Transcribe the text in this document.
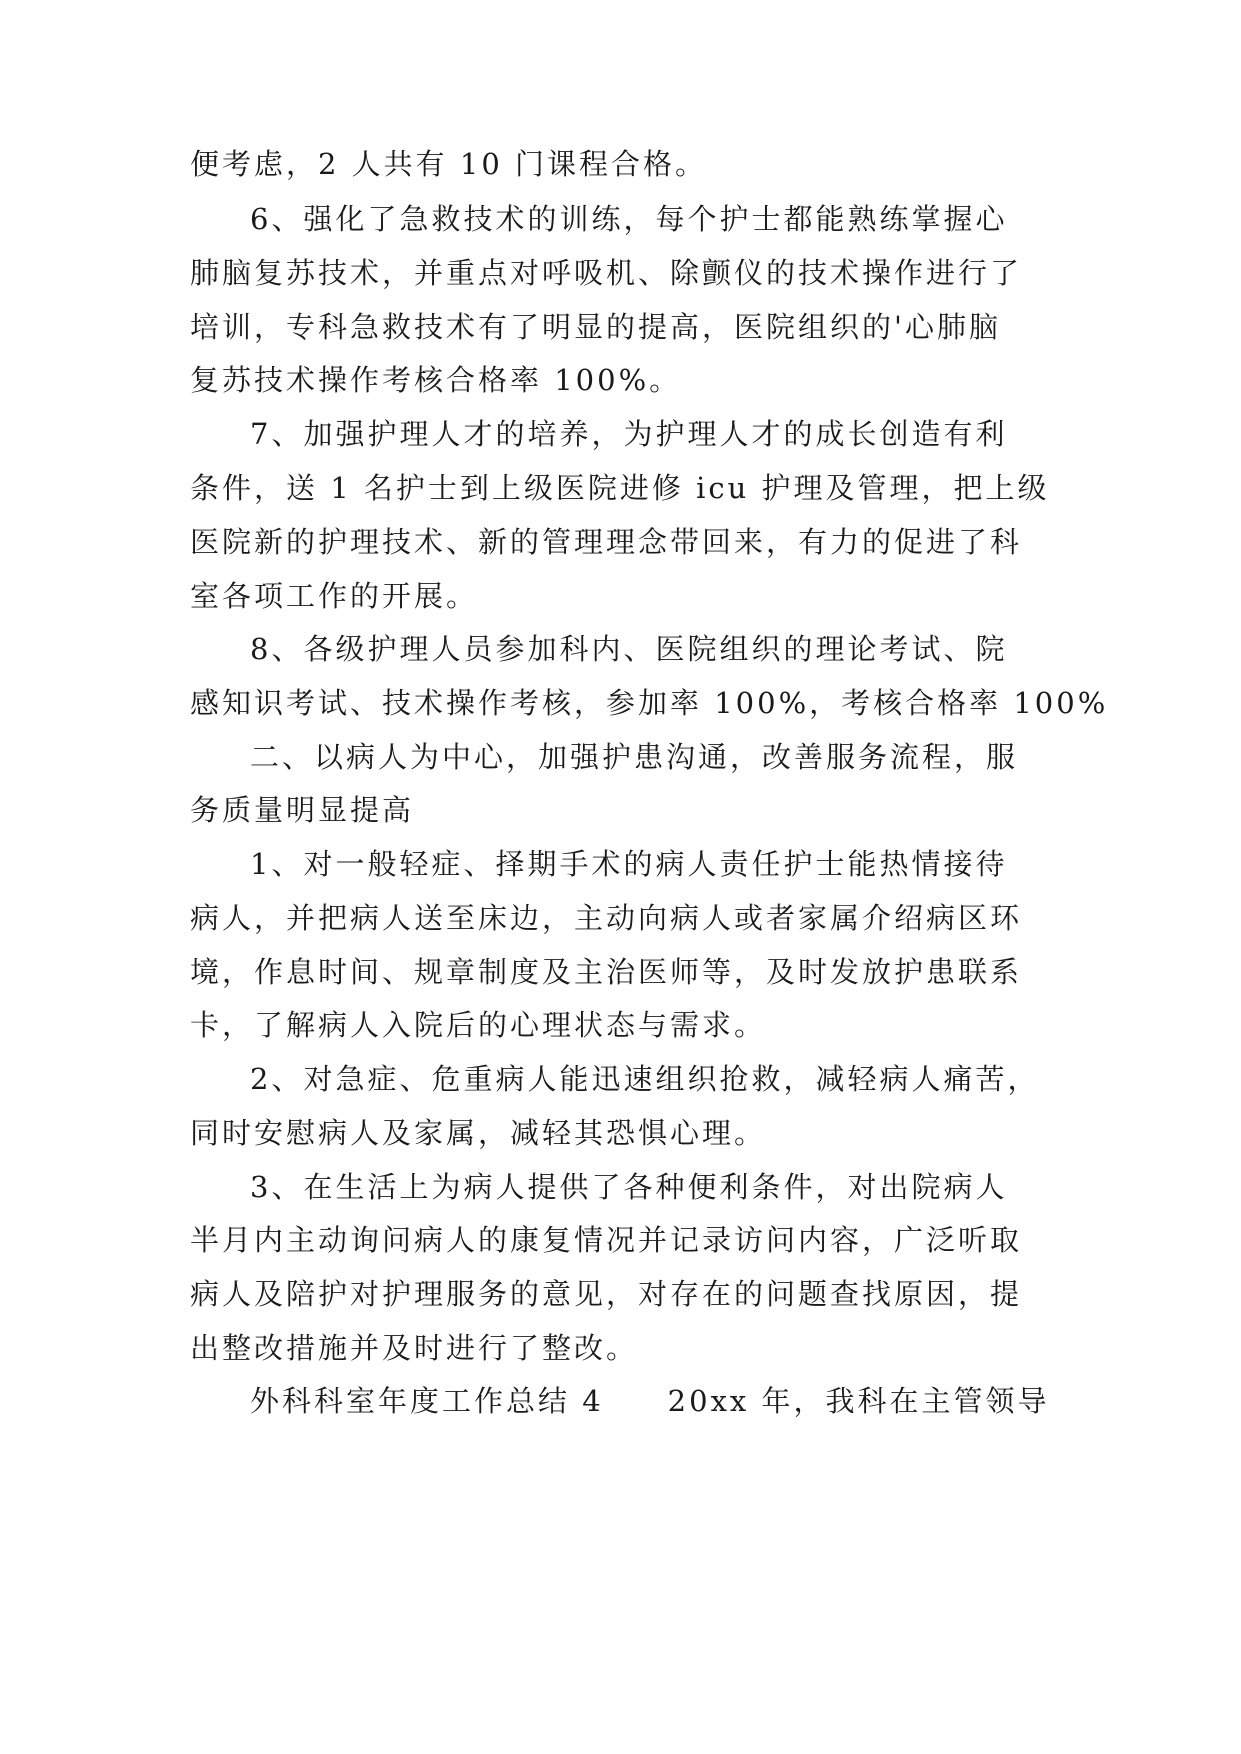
便考虑，2 人共有 10 门课程合格。
6、强化了急救技术的训练，每个护士都能熟练掌握心
肺脑复苏技术，并重点对呼吸机、除颤仪的技术操作进行了
培训，专科急救技术有了明显的提高，医院组织的'心肺脑
复苏技术操作考核合格率 100%。
7、加强护理人才的培养，为护理人才的成长创造有利
条件，送 1 名护士到上级医院进修 icu 护理及管理，把上级
医院新的护理技术、新的管理理念带回来，有力的促进了科
室各项工作的开展。
8、各级护理人员参加科内、医院组织的理论考试、院
感知识考试、技术操作考核，参加率 100%，考核合格率 100%
二、以病人为中心，加强护患沟通，改善服务流程，服
务质量明显提高
1、对一般轻症、择期手术的病人责任护士能热情接待
病人，并把病人送至床边，主动向病人或者家属介绍病区环
境，作息时间、规章制度及主治医师等，及时发放护患联系
卡，了解病人入院后的心理状态与需求。
2、对急症、危重病人能迅速组织抢救，减轻病人痛苦，
同时安慰病人及家属，减轻其恐惧心理。
3、在生活上为病人提供了各种便利条件，对出院病人
半月内主动询问病人的康复情况并记录访问内容，广泛听取
病人及陪护对护理服务的意见，对存在的问题查找原因，提
出整改措施并及时进行了整改。
外科科室年度工作总结 4　　20xx 年，我科在主管领导
